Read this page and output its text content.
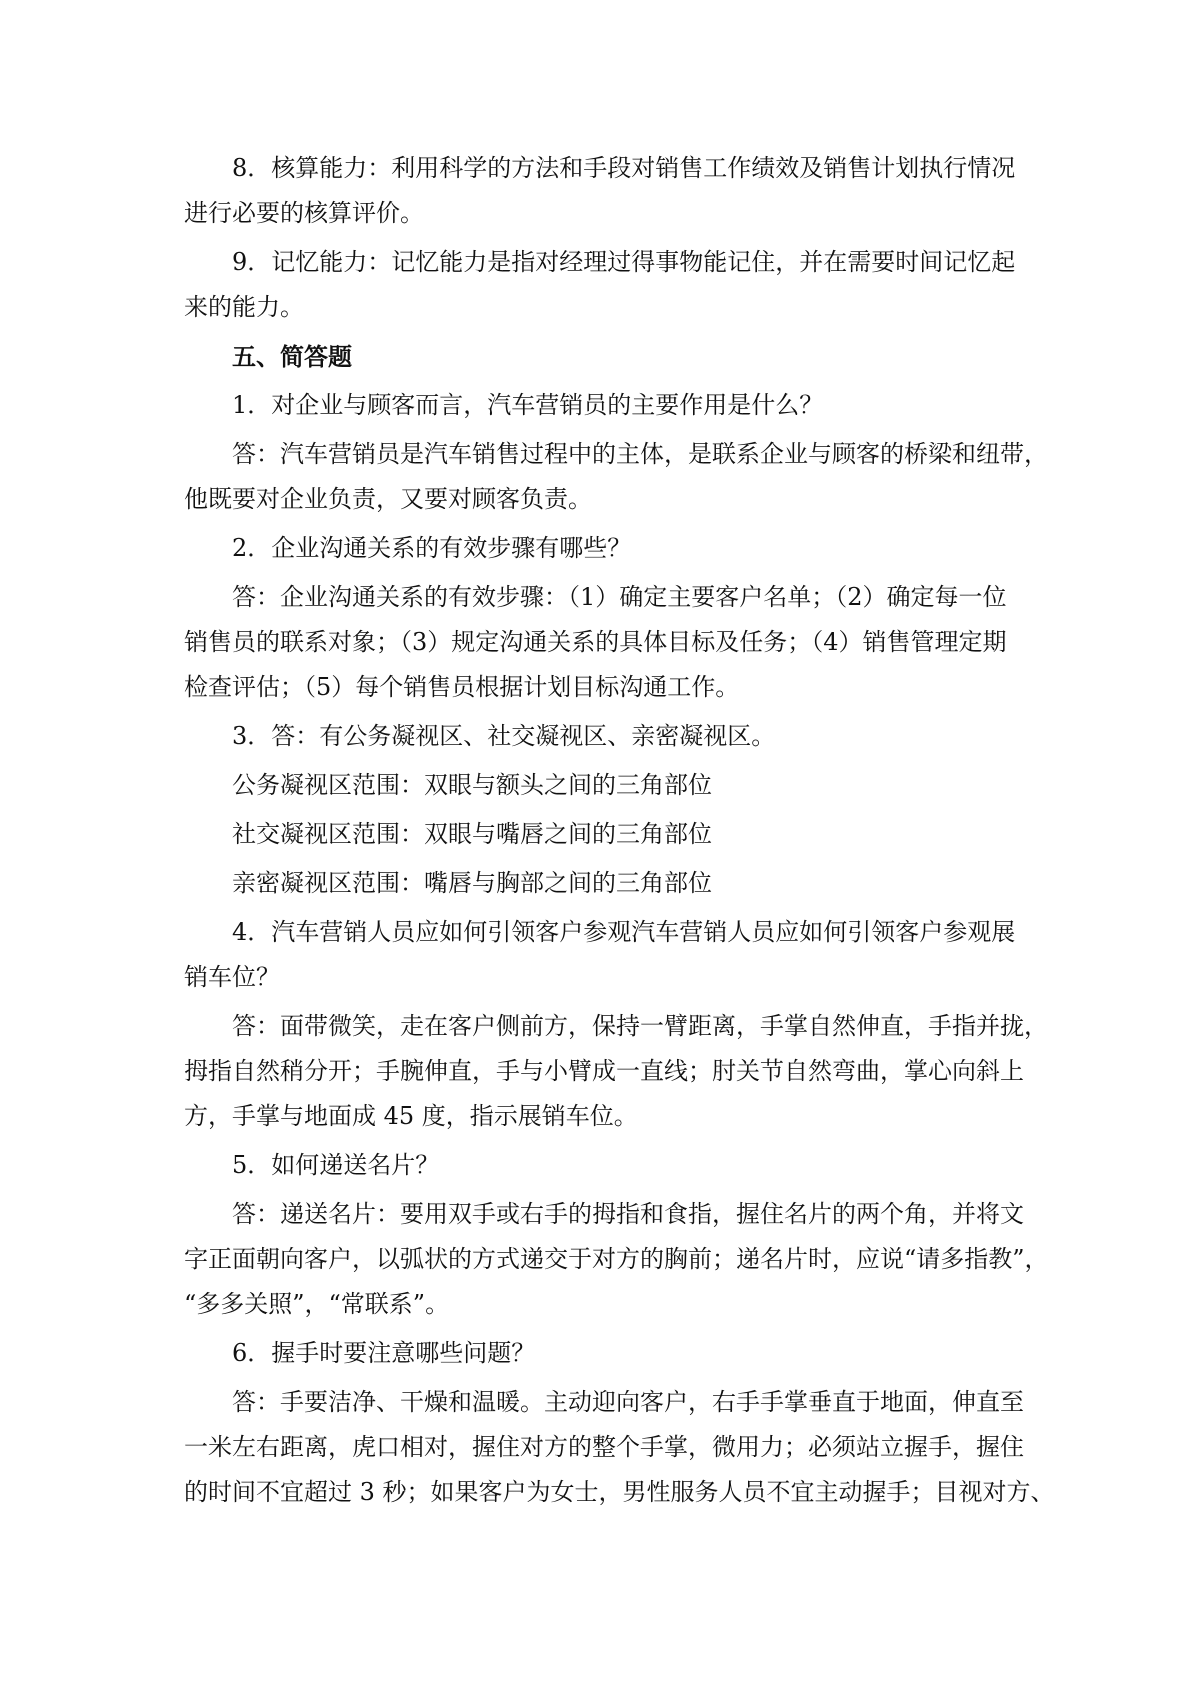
8．核算能力：利用科学的方法和手段对销售工作绩效及销售计划执行情况
进行必要的核算评价。
9．记忆能力：记忆能力是指对经理过得事物能记住，并在需要时间记忆起
来的能力。
五、简答题
1．对企业与顾客而言，汽车营销员的主要作用是什么？
答：汽车营销员是汽车销售过程中的主体，是联系企业与顾客的桥梁和纽带，
他既要对企业负责，又要对顾客负责。
2．企业沟通关系的有效步骤有哪些？
答：企业沟通关系的有效步骤：（1）确定主要客户名单；（2）确定每一位
销售员的联系对象；（3）规定沟通关系的具体目标及任务；（4）销售管理定期
检查评估；（5）每个销售员根据计划目标沟通工作。
3．答：有公务凝视区、社交凝视区、亲密凝视区。
公务凝视区范围：双眼与额头之间的三角部位
社交凝视区范围：双眼与嘴唇之间的三角部位
亲密凝视区范围：嘴唇与胸部之间的三角部位
4．汽车营销人员应如何引领客户参观汽车营销人员应如何引领客户参观展
销车位？
答：面带微笑，走在客户侧前方，保持一臂距离，手掌自然伸直，手指并拢，
拇指自然稍分开；手腕伸直，手与小臂成一直线；肘关节自然弯曲，掌心向斜上
方，手掌与地面成 45 度，指示展销车位。
5．如何递送名片？
答：递送名片：要用双手或右手的拇指和食指，握住名片的两个角，并将文
字正面朝向客户，以弧状的方式递交于对方的胸前；递名片时，应说“请多指教”，
“多多关照”，“常联系”。
6．握手时要注意哪些问题？
答：手要洁净、干燥和温暖。主动迎向客户，右手手掌垂直于地面，伸直至
一米左右距离，虎口相对，握住对方的整个手掌，微用力；必须站立握手，握住
的时间不宜超过 3 秒；如果客户为女士，男性服务人员不宜主动握手；目视对方、
